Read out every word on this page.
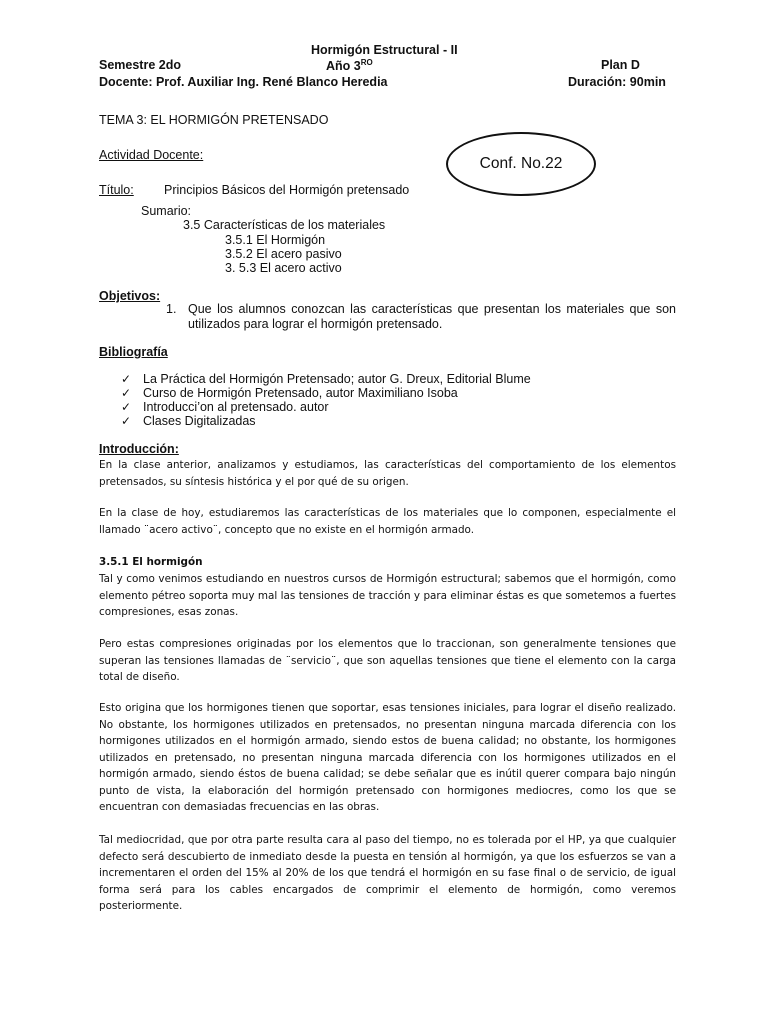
Hormigón Estructural - II
Semestre 2do	Año $3^{RO}$	Plan D
Docente: Prof. Auxiliar Ing. René Blanco Heredia	Duración: 90min
TEMA 3: EL HORMIGÓN PRETENSADO
Actividad Docente:	Conf. No.22
Título: Principios Básicos del Hormigón pretensado
Sumario:
3.5 Características de los materiales
3.5.1 El Hormigón
3.5.2 El acero pasivo
3. 5.3 El acero activo
Objetivos:
1. Que los alumnos conozcan las características que presentan los materiales que son
utilizados para lograr el hormigón pretensado.
Bibliografía
✓ La Práctica del Hormigón Pretensado; autor G. Dreux, Editorial Blume
✓ Curso de Hormigón Pretensado, autor Maximiliano Isoba
✓ Introducci’on al pretensado. autor
✓ Clases Digitalizadas
Introducción:
En la clase anterior, analizamos y estudiamos, las características del comportamiento de los elementos pretensados, su síntesis histórica y el por qué de su origen.
En la clase de hoy, estudiaremos las características de los materiales que lo componen, especialmente el llamado ¨acero activo¨, concepto que no existe en el hormigón armado.
3.5.1 El hormigón
Tal y como venimos estudiando en nuestros cursos de Hormigón estructural; sabemos que el hormigón, como elemento pétreo soporta muy mal las tensiones de tracción y para eliminar éstas es que sometemos a fuertes compresiones, esas zonas.
Pero estas compresiones originadas por los elementos que lo traccionan, son generalmente tensiones que superan las tensiones llamadas de ¨servicio¨, que son aquellas tensiones que tiene el elemento con la carga total de diseño.
Esto origina que los hormigones tienen que soportar, esas tensiones iniciales, para lograr el diseño realizado. No obstante, los hormigones utilizados en pretensados, no presentan ninguna marcada diferencia con los hormigones utilizados en el hormigón armado, siendo estos de buena calidad; no obstante, los hormigones utilizados en pretensado, no presentan ninguna marcada diferencia con los hormigones utilizados en el hormigón armado, siendo éstos de buena calidad; se debe señalar que es inútil querer compara bajo ningún punto de vista, la elaboración del hormigón pretensado con hormigones mediocres, como los que se encuentran con demasiadas frecuencias en las obras.
Tal mediocridad, que por otra parte resulta cara al paso del tiempo, no es tolerada por el HP, ya que cualquier defecto será descubierto de inmediato desde la puesta en tensión al hormigón, ya que los esfuerzos se van a incrementaren el orden del 15% al 20% de los que tendrá el hormigón en su fase final o de servicio, de igual forma será para los cables encargados de comprimir el elemento de hormigón, como veremos posteriormente.
